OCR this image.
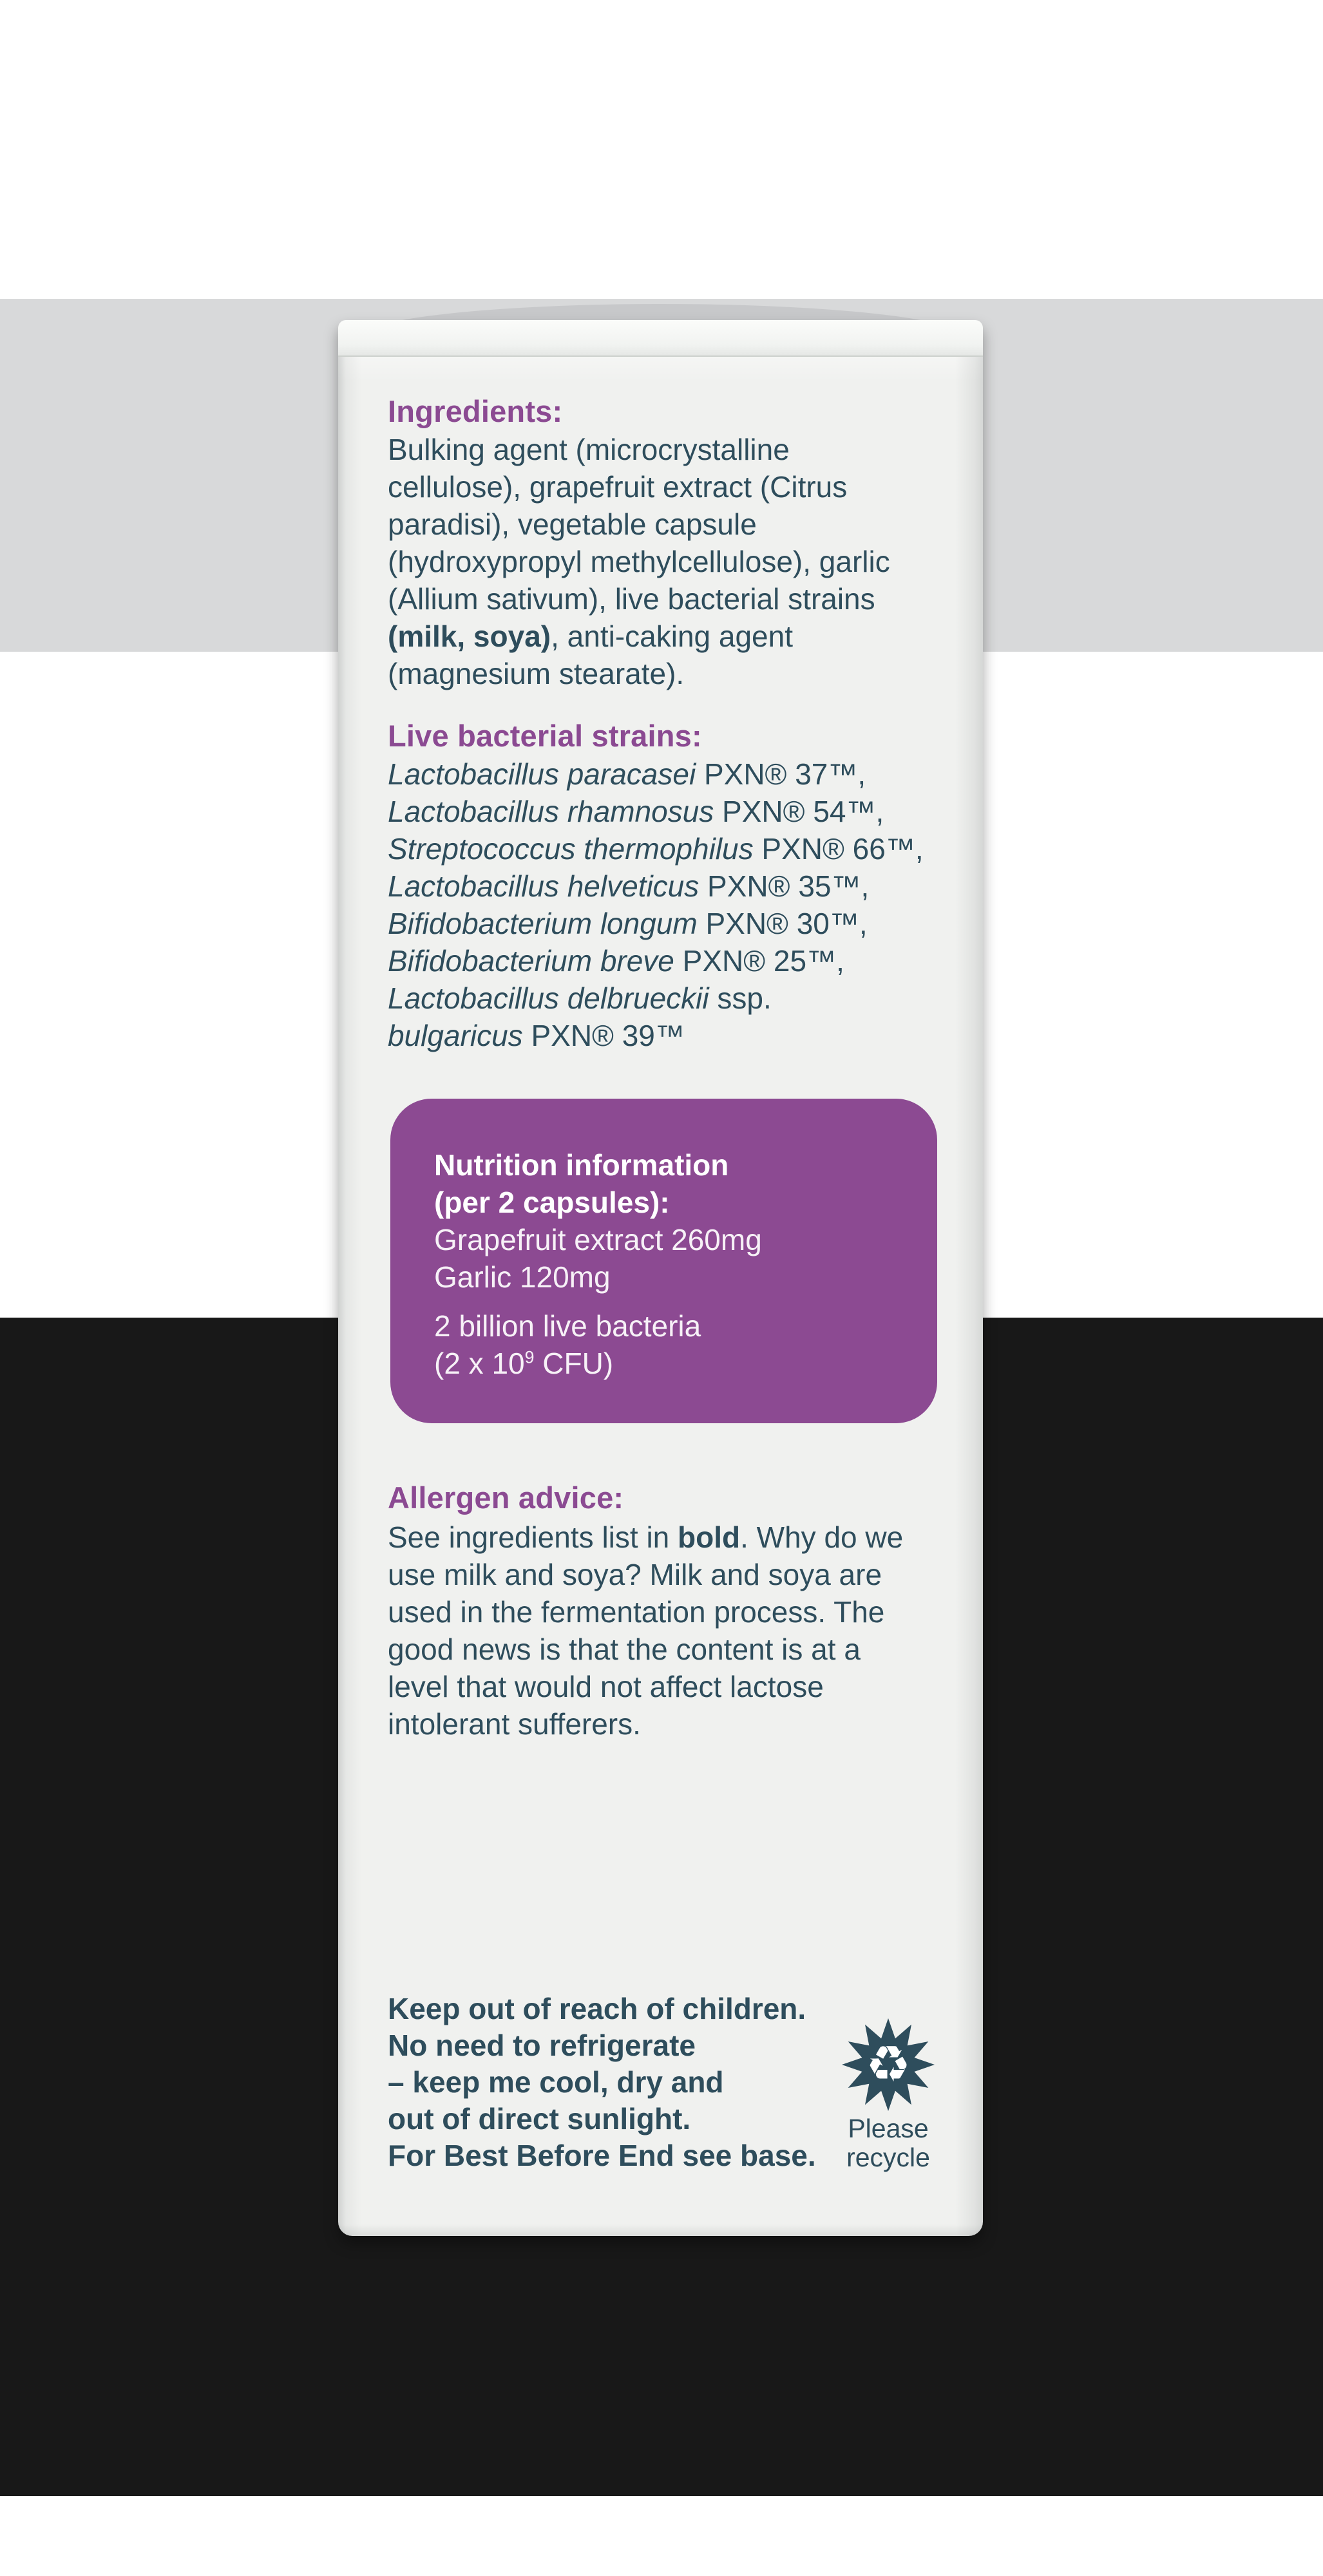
Ingredients:
Bulking agent (microcrystalline
cellulose), grapefruit extract (Citrus
paradisi), vegetable capsule
(hydroxypropyl methylcellulose), garlic
(Allium sativum), live bacterial strains
(milk, soya), anti-caking agent
(magnesium stearate).
Live bacterial strains:
Lactobacillus paracasei PXN® 37™,
Lactobacillus rhamnosus PXN® 54™,
Streptococcus thermophilus PXN® 66™,
Lactobacillus helveticus PXN® 35™,
Bifidobacterium longum PXN® 30™,
Bifidobacterium breve PXN® 25™,
Lactobacillus delbrueckii ssp.
bulgaricus PXN® 39™
Nutrition information
(per 2 capsules):
Grapefruit extract 260mg
Garlic 120mg
2 billion live bacteria
(2 x $10^9$ CFU)
Allergen advice:
See ingredients list in bold. Why do we
use milk and soya? Milk and soya are
used in the fermentation process. The
good news is that the content is at a
level that would not affect lactose
intolerant sufferers.
Keep out of reach of children.
No need to refrigerate
– keep me cool, dry and
out of direct sunlight.
For Best Before End see base.
♻
Please
recycle
